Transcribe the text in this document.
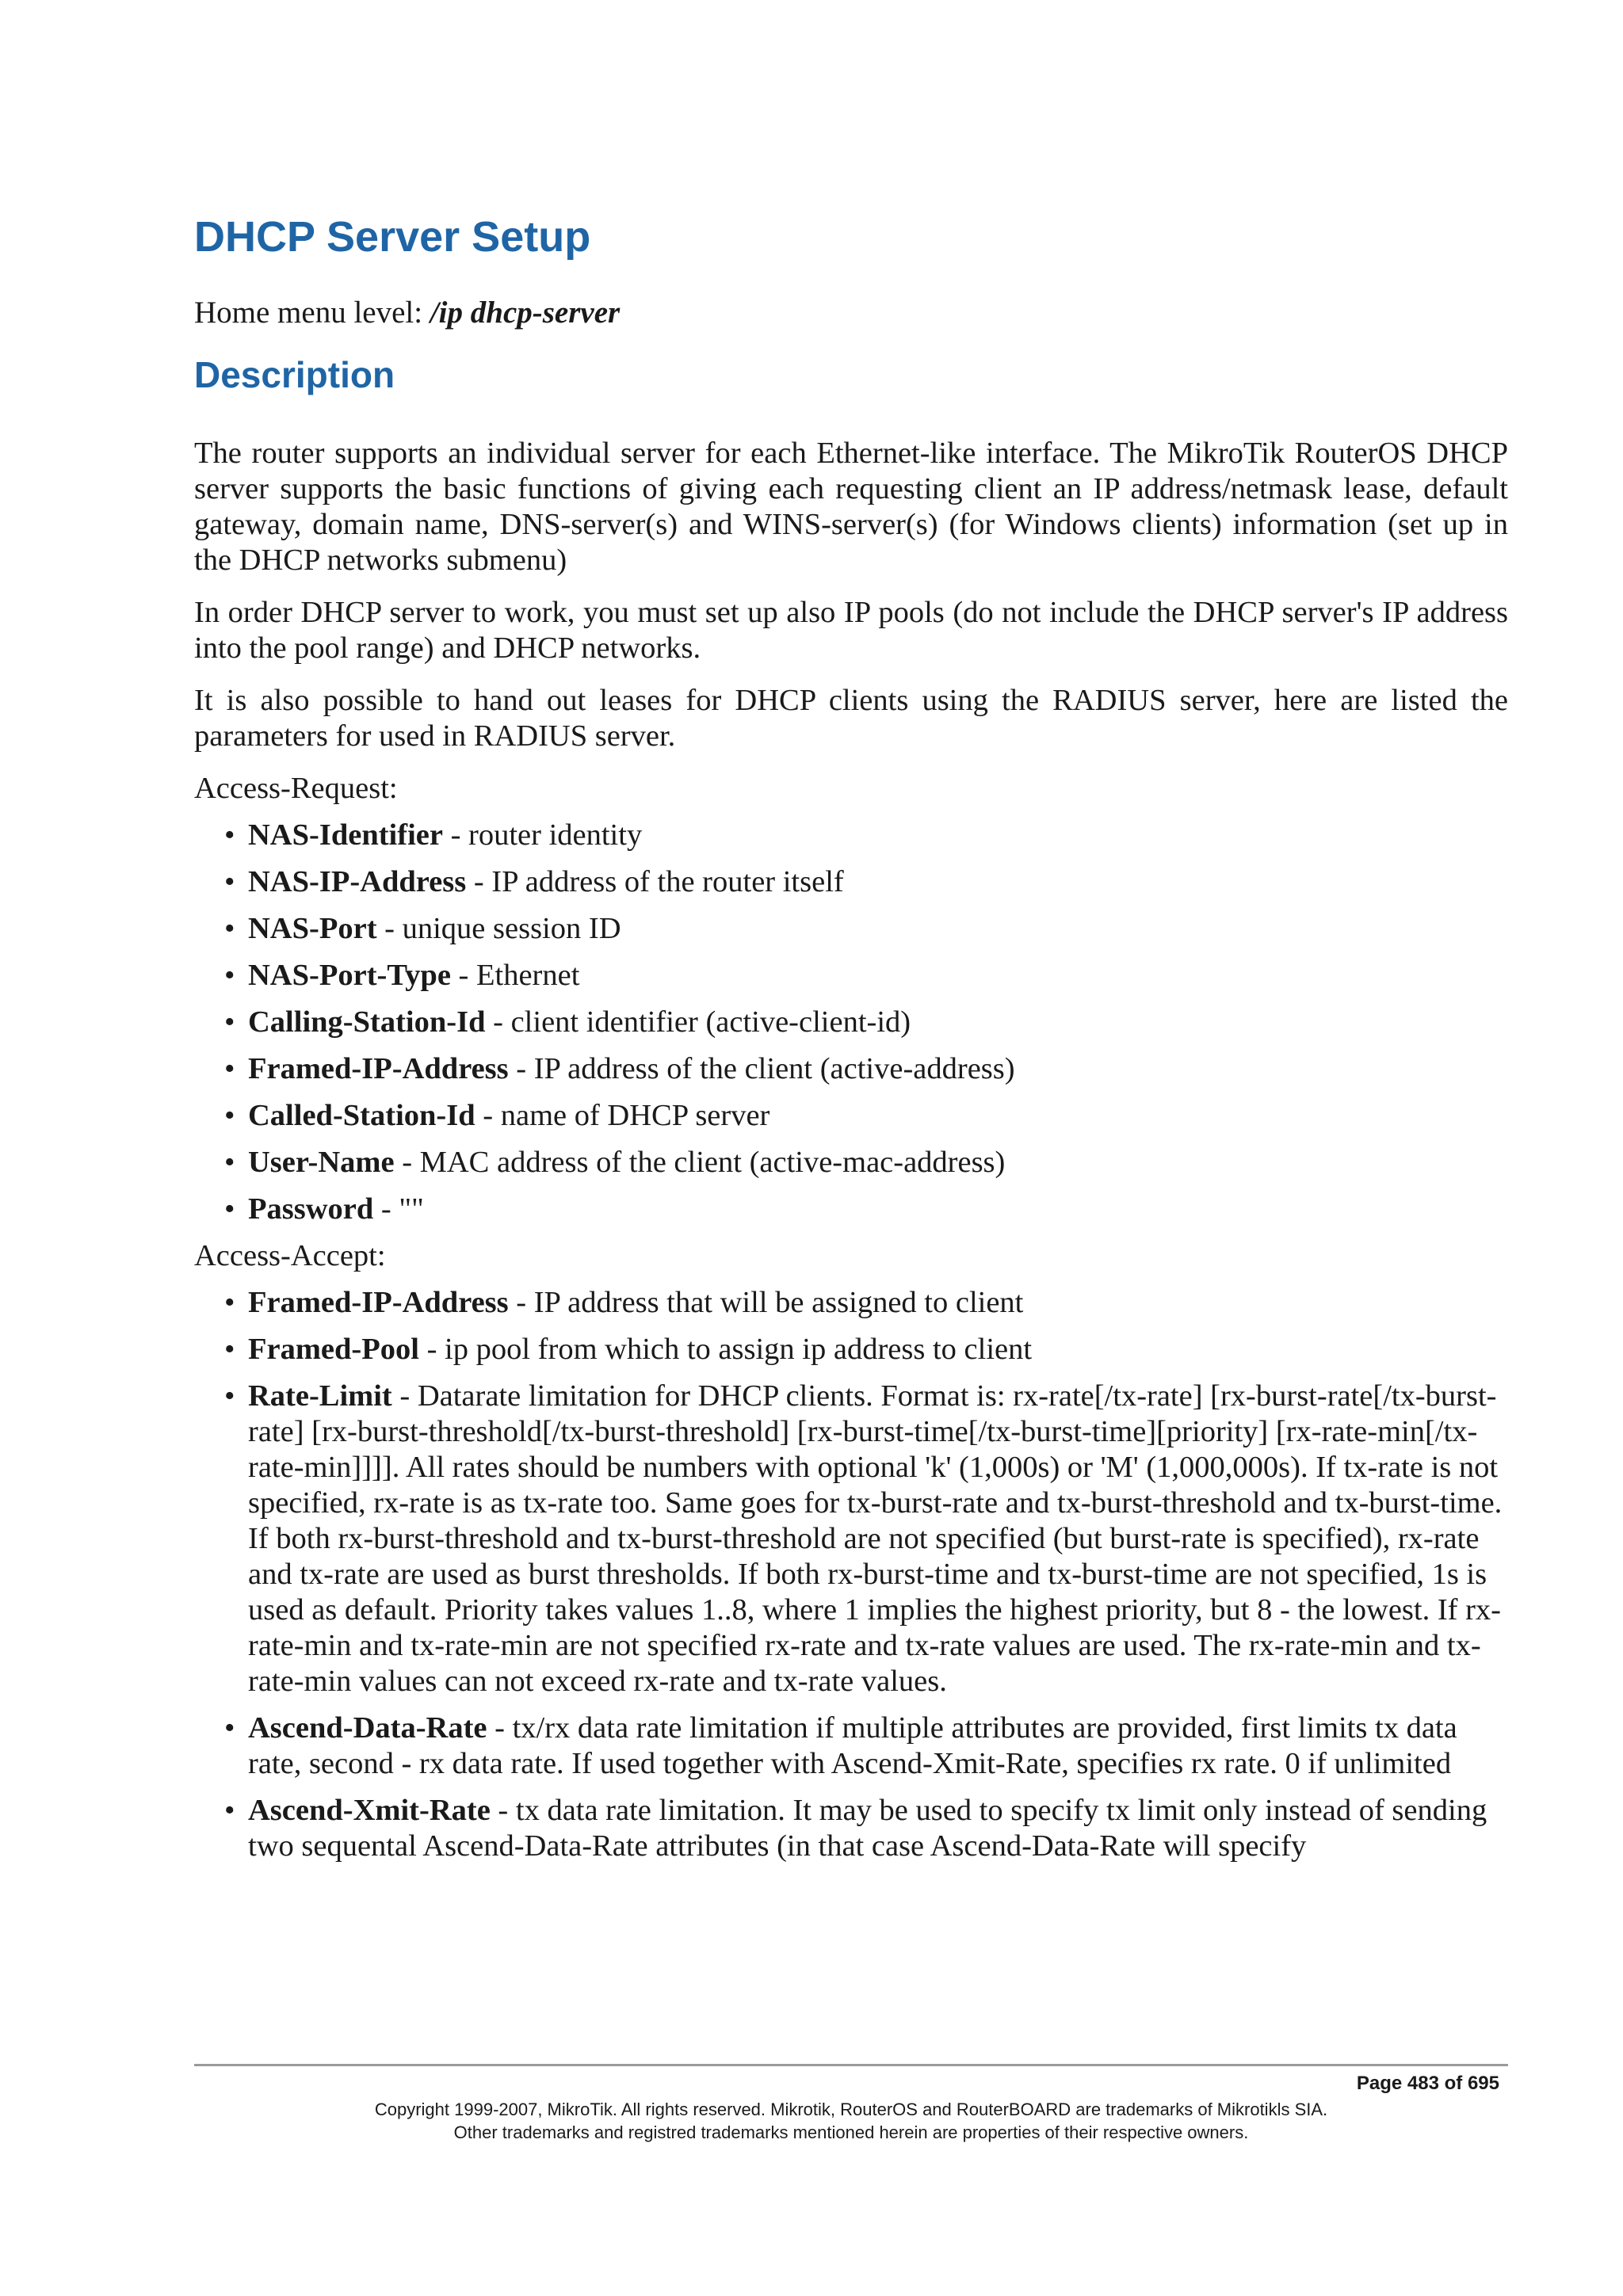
DHCP Server Setup
Home menu level: /ip dhcp-server
Description

The router supports an individual server for each Ethernet-like interface. The MikroTik RouterOS DHCP server supports the basic functions of giving each requesting client an IP address/netmask lease, default gateway, domain name, DNS-server(s) and WINS-server(s) (for Windows clients) information (set up in the DHCP networks submenu)

In order DHCP server to work, you must set up also IP pools (do not include the DHCP server's IP address into the pool range) and DHCP networks.

It is also possible to hand out leases for DHCP clients using the RADIUS server, here are listed the parameters for used in RADIUS server.

Access-Request:

• NAS-Identifier - router identity
• NAS-IP-Address - IP address of the router itself
• NAS-Port - unique session ID
• NAS-Port-Type - Ethernet
• Calling-Station-Id - client identifier (active-client-id)
• Framed-IP-Address - IP address of the client (active-address)
• Called-Station-Id - name of DHCP server
• User-Name - MAC address of the client (active-mac-address)
• Password - ""

Access-Accept:

• Framed-IP-Address - IP address that will be assigned to client
• Framed-Pool - ip pool from which to assign ip address to client
• Rate-Limit - Datarate limitation for DHCP clients. Format is: rx-rate[/tx-rate] [rx-burst-rate[/tx-burst-rate] [rx-burst-threshold[/tx-burst-threshold] [rx-burst-time[/tx-burst-time][priority] [rx-rate-min[/tx-rate-min]]]]. All rates should be numbers with optional 'k' (1,000s) or 'M' (1,000,000s). If tx-rate is not specified, rx-rate is as tx-rate too. Same goes for tx-burst-rate and tx-burst-threshold and tx-burst-time. If both rx-burst-threshold and tx-burst-threshold are not specified (but burst-rate is specified), rx-rate and tx-rate are used as burst thresholds. If both rx-burst-time and tx-burst-time are not specified, 1s is used as default. Priority takes values 1..8, where 1 implies the highest priority, but 8 - the lowest. If rx-rate-min and tx-rate-min are not specified rx-rate and tx-rate values are used. The rx-rate-min and tx-rate-min values can not exceed rx-rate and tx-rate values.
• Ascend-Data-Rate - tx/rx data rate limitation if multiple attributes are provided, first limits tx data rate, second - rx data rate. If used together with Ascend-Xmit-Rate, specifies rx rate. 0 if unlimited
• Ascend-Xmit-Rate - tx data rate limitation. It may be used to specify tx limit only instead of sending two sequental Ascend-Data-Rate attributes (in that case Ascend-Data-Rate will specify
Page 483 of 695
Copyright 1999-2007, MikroTik. All rights reserved. Mikrotik, RouterOS and RouterBOARD are trademarks of Mikrotikls SIA.
Other trademarks and registred trademarks mentioned herein are properties of their respective owners.
